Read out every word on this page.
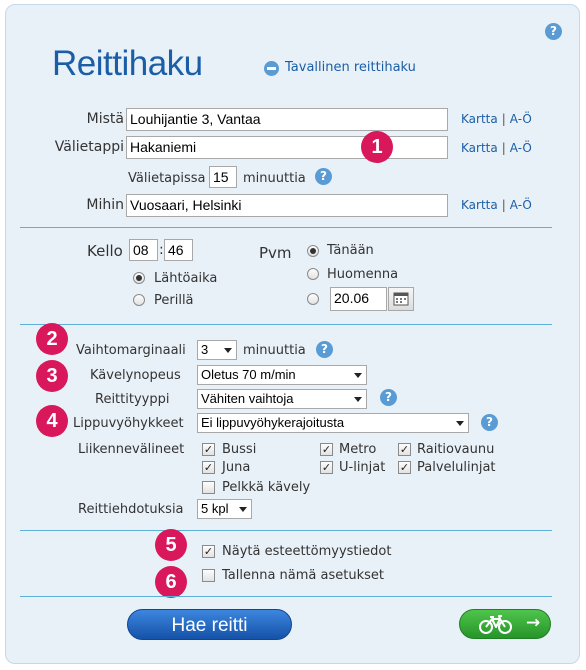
?
Reittihaku	Tavallinen reittihaku
Mistä Louhijantie 3, Vantaa	Kartta | A-Ö
Välietappi Hakaniemi	1	Kartta | A-Ö
Välietapissa 15	minuuttia	?
Mihin Vuosaari, Helsinki	Kartta | A-Ö
Kello 08 : 46
Lähtöaika
Perillä
Pvm	Tänään
Huomenna
20.06
2
Vaihtomarginaali	3	minuuttia	?
3	Kävelynopeus	Oletus 70 m/min
Reittityyppi	Vähiten vaihtoja	?
4	Lippuvyöhykkeet	Ei lippuvyöhykerajoitusta	?
Liikennevälineet ✓ Bussi	✓ Metro ✓ Raitiovaunu
✓ Juna	✓ U-linjat ✓ Palvelulinjat
Pelkkä kävely
Reittiehdotuksia	5 kpl
5	✓ Näytä esteettömyystiedot
6	Tallenna nämä asetukset
Hae reitti	→
